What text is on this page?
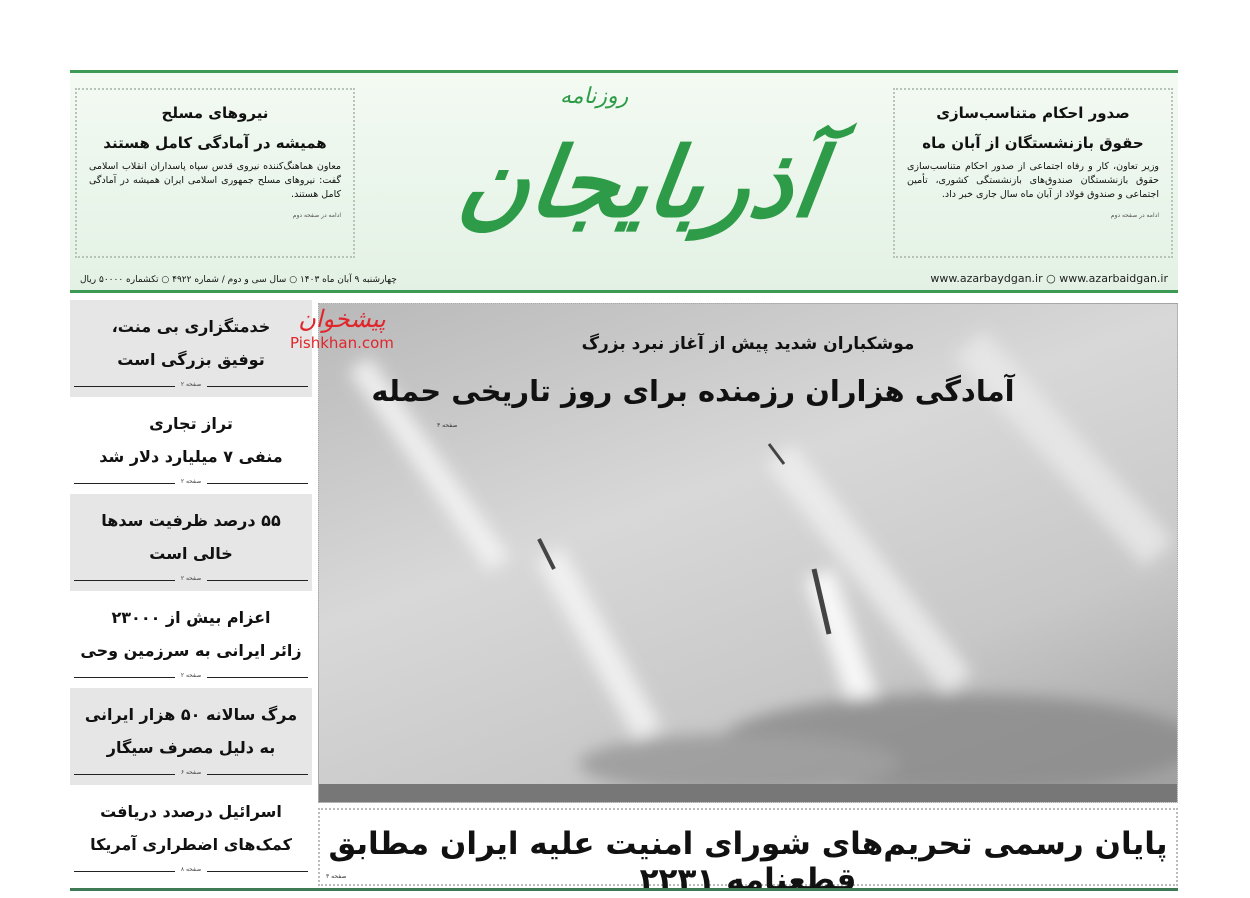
نیروهای مسلح
همیشه در آمادگی کامل هستند

معاون هماهنگ‌کننده نیروی قدس سپاه پاسداران انقلاب اسلامی گفت: نیروهای مسلح جمهوری اسلامی ایران همیشه در آمادگی کامل هستند.

ادامه در صفحه دوم
روزنامه
آذربایجان
صدور احکام متناسب‌سازی
حقوق بازنشستگان از آبان ماه

وزیر تعاون، کار و رفاه اجتماعی از صدور احکام متناسب‌سازی حقوق بازنشستگان صندوق‌های بازنشستگی کشوری، تأمین اجتماعی و صندوق فولاد از آبان ماه سال جاری خبر داد.

ادامه در صفحه دوم
چهارشنبه ۹ آبان ماه ۱۴۰۳ ○ سال سی و دوم / شماره ۴۹۲۲ ○ تکشماره ۵۰۰۰۰ ریال	www.azarbaydgan.ir ○ www.azarbaidgan.ir
پیشخوان
Pishkhan.com
خدمتگزاری بی منت،
توفیق بزرگی است
صفحه ۲
تراز تجاری
منفی ۷ میلیارد دلار شد
صفحه ۲
۵۵ درصد ظرفیت سدها
خالی است
صفحه ۲
اعزام بیش از ۲۳۰۰۰
زائر ایرانی به سرزمین وحی
صفحه ۲
مرگ سالانه ۵۰ هزار ایرانی
به دلیل مصرف سیگار
صفحه ۶
اسرائیل درصدد دریافت
کمک‌های اضطراری آمریکا
صفحه ۸
موشکباران شدید پیش از آغاز نبرد بزرگ
آمادگی هزاران رزمنده برای روز تاریخی حمله
صفحه ۳
پایان رسمی تحریم‌های شورای امنیت علیه ایران مطابق قطعنامه ۲۲۳۱
صفحه ۳
